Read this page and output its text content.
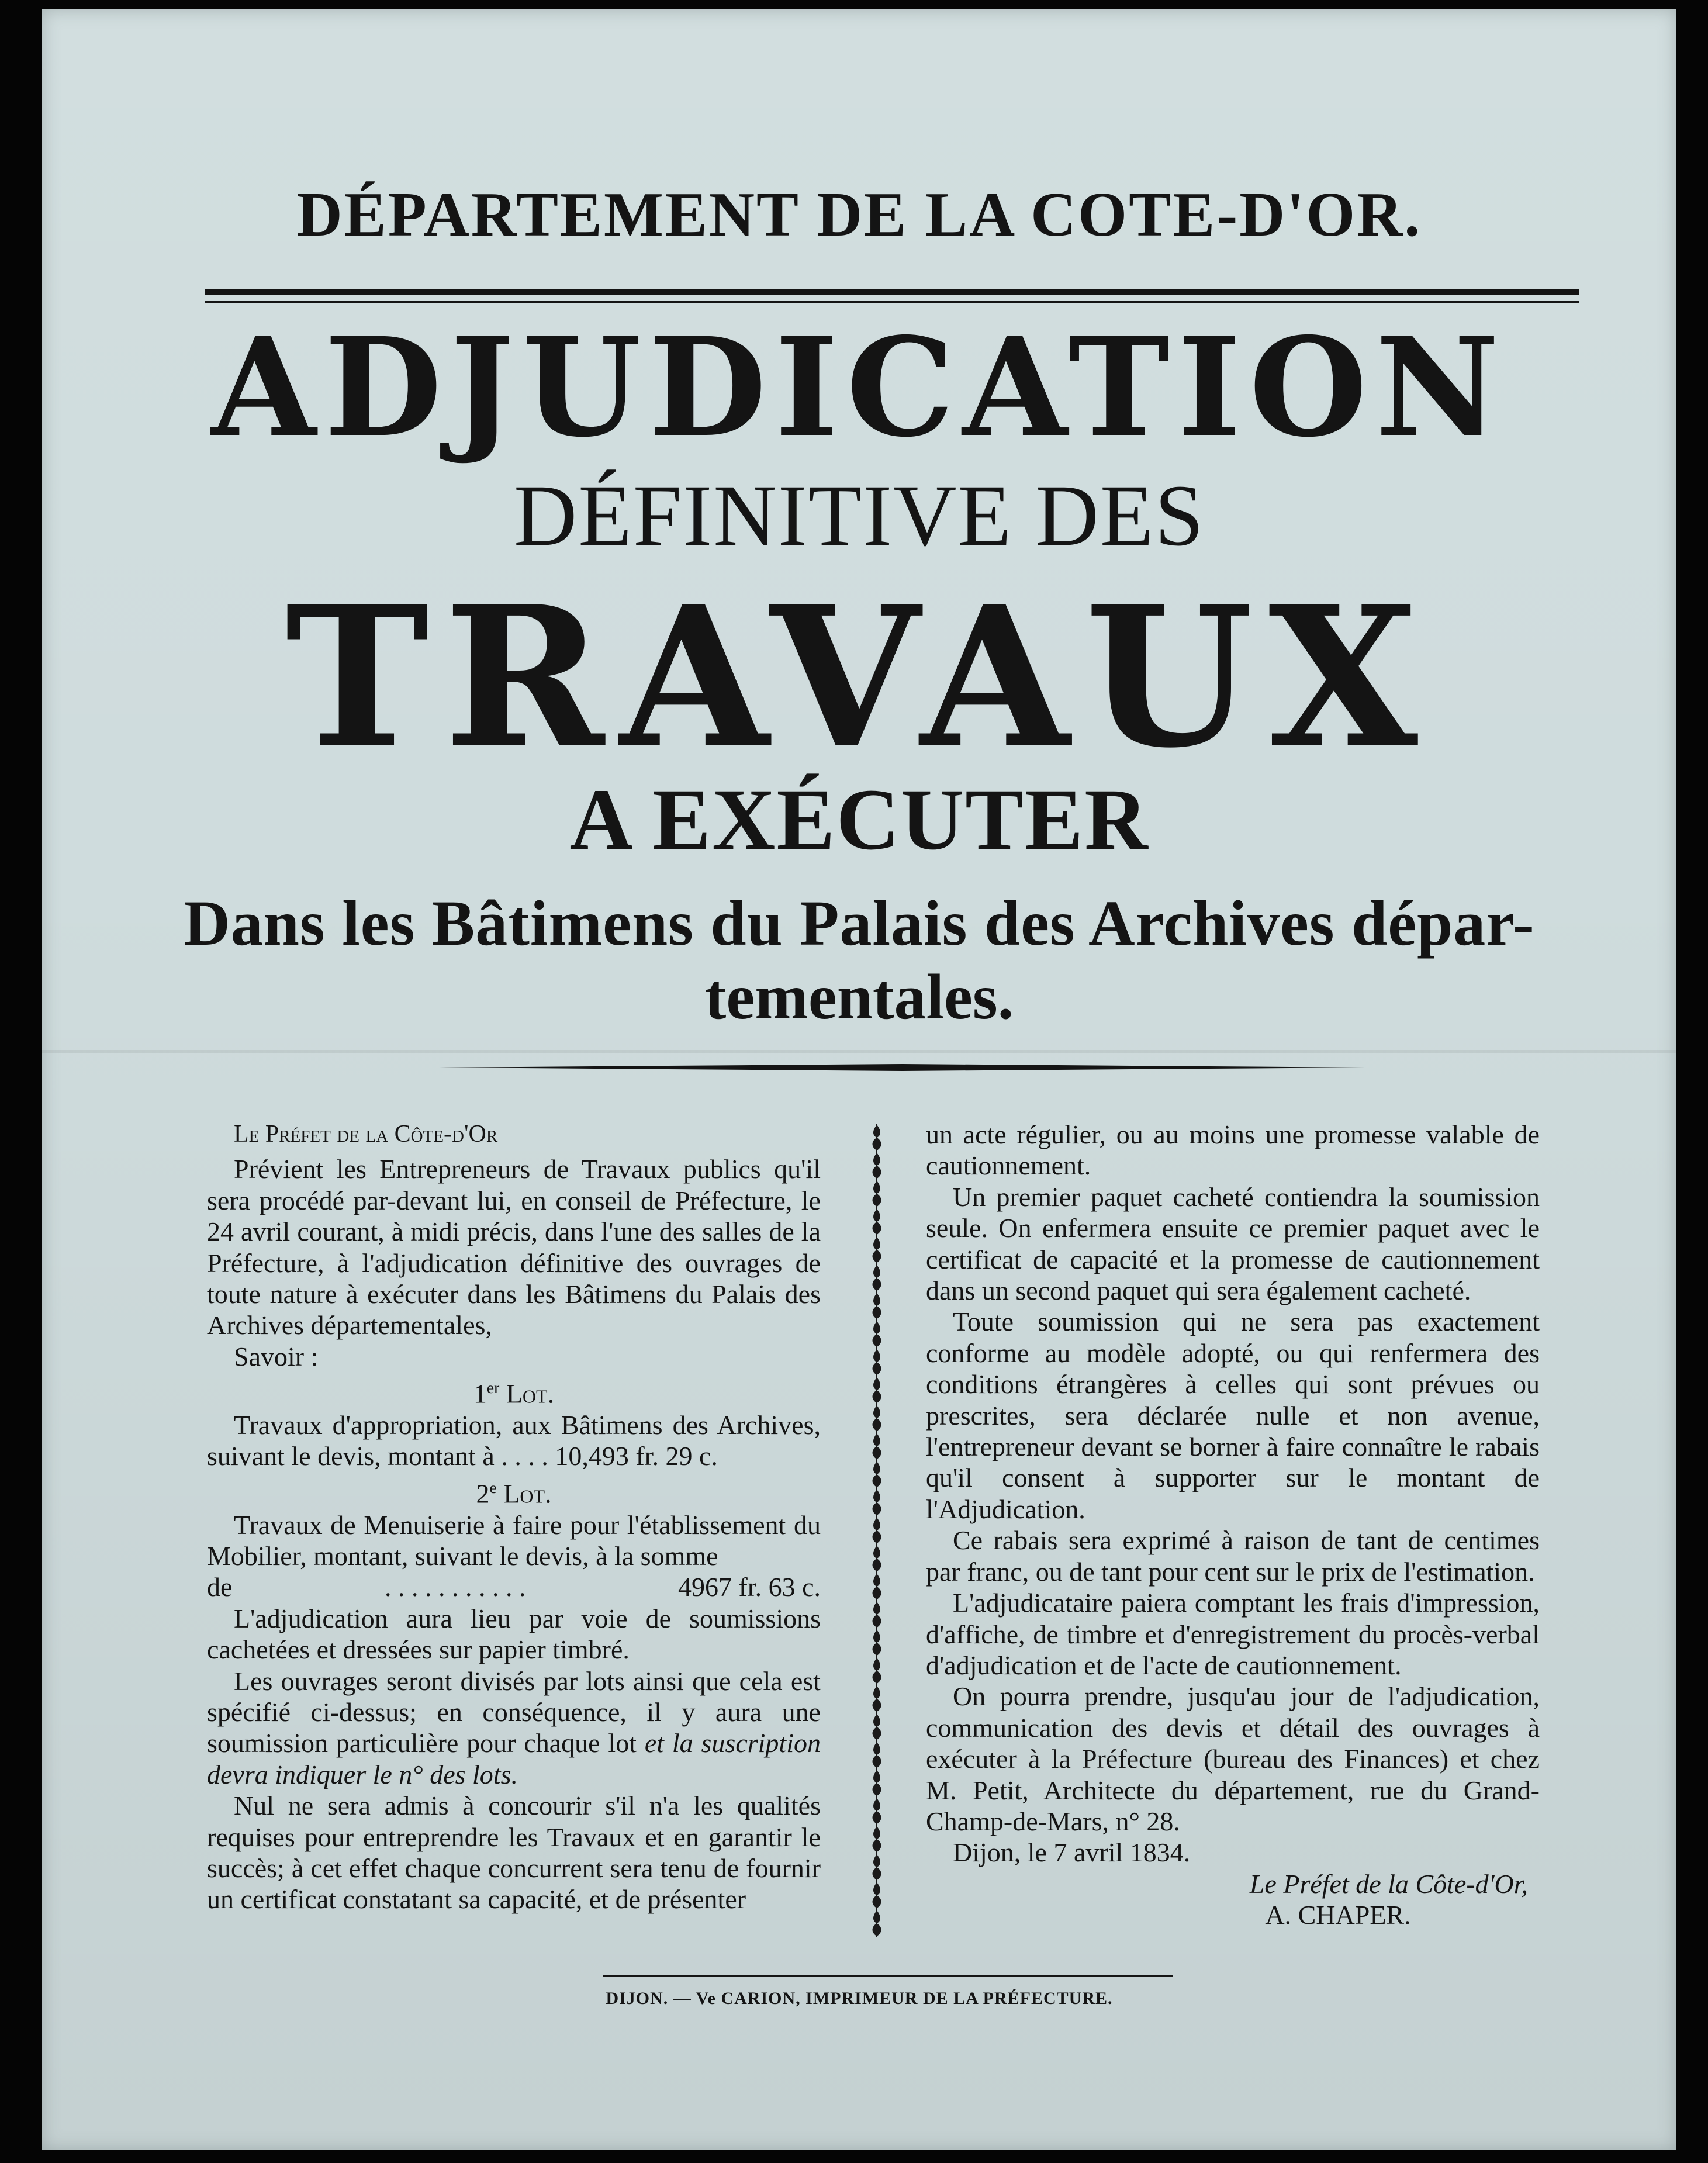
DÉPARTEMENT DE LA COTE-D'OR.
ADJUDICATION
DÉFINITIVE DES
TRAVAUX
A EXÉCUTER
Dans les Bâtimens du Palais des Archives dépar-
tementales.

Le Préfet de la Côte-d'Or

Prévient les Entrepreneurs de Travaux publics qu'il sera procédé par-devant lui, en conseil de Préfecture, le 24 avril courant, à midi précis, dans l'une des salles de la Préfecture, à l'adjudication définitive des ouvrages de toute nature à exécuter dans les Bâtimens du Palais des Archives départementales,

Savoir :

1er Lot.

Travaux d'appropriation, aux Bâtimens des Archives, suivant le devis, montant à . . . . 10,493 fr. 29 c.

2e Lot.

Travaux de Menuiserie à faire pour l'établissement du Mobilier, montant, suivant le devis, à la somme

de	. . . . . . . . . . .	4967 fr. 63 c.

L'adjudication aura lieu par voie de soumissions cachetées et dressées sur papier timbré.

Les ouvrages seront divisés par lots ainsi que cela est spécifié ci-dessus; en conséquence, il y aura une soumission particulière pour chaque lot et la suscription devra indiquer le n° des lots.

Nul ne sera admis à concourir s'il n'a les qualités requises pour entreprendre les Travaux et en garantir le succès; à cet effet chaque concurrent sera tenu de fournir un certificat constatant sa capacité, et de présenter

un acte régulier, ou au moins une promesse valable de cautionnement.

Un premier paquet cacheté contiendra la soumission seule. On enfermera ensuite ce premier paquet avec le certificat de capacité et la promesse de cautionnement dans un second paquet qui sera également cacheté.

Toute soumission qui ne sera pas exactement conforme au modèle adopté, ou qui renfermera des conditions étrangères à celles qui sont prévues ou prescrites, sera déclarée nulle et non avenue, l'entrepreneur devant se borner à faire connaître le rabais qu'il consent à supporter sur le montant de l'Adjudication.

Ce rabais sera exprimé à raison de tant de centimes par franc, ou de tant pour cent sur le prix de l'estimation.

L'adjudicataire paiera comptant les frais d'impression, d'affiche, de timbre et d'enregistrement du procès-verbal d'adjudication et de l'acte de cautionnement.

On pourra prendre, jusqu'au jour de l'adjudication, communication des devis et détail des ouvrages à exécuter à la Préfecture (bureau des Finances) et chez M. Petit, Architecte du département, rue du Grand-Champ-de-Mars, n° 28.

Dijon, le 7 avril 1834.

Le Préfet de la Côte-d'Or,

A. CHAPER.

DIJON. — Ve CARION, IMPRIMEUR DE LA PRÉFECTURE.
